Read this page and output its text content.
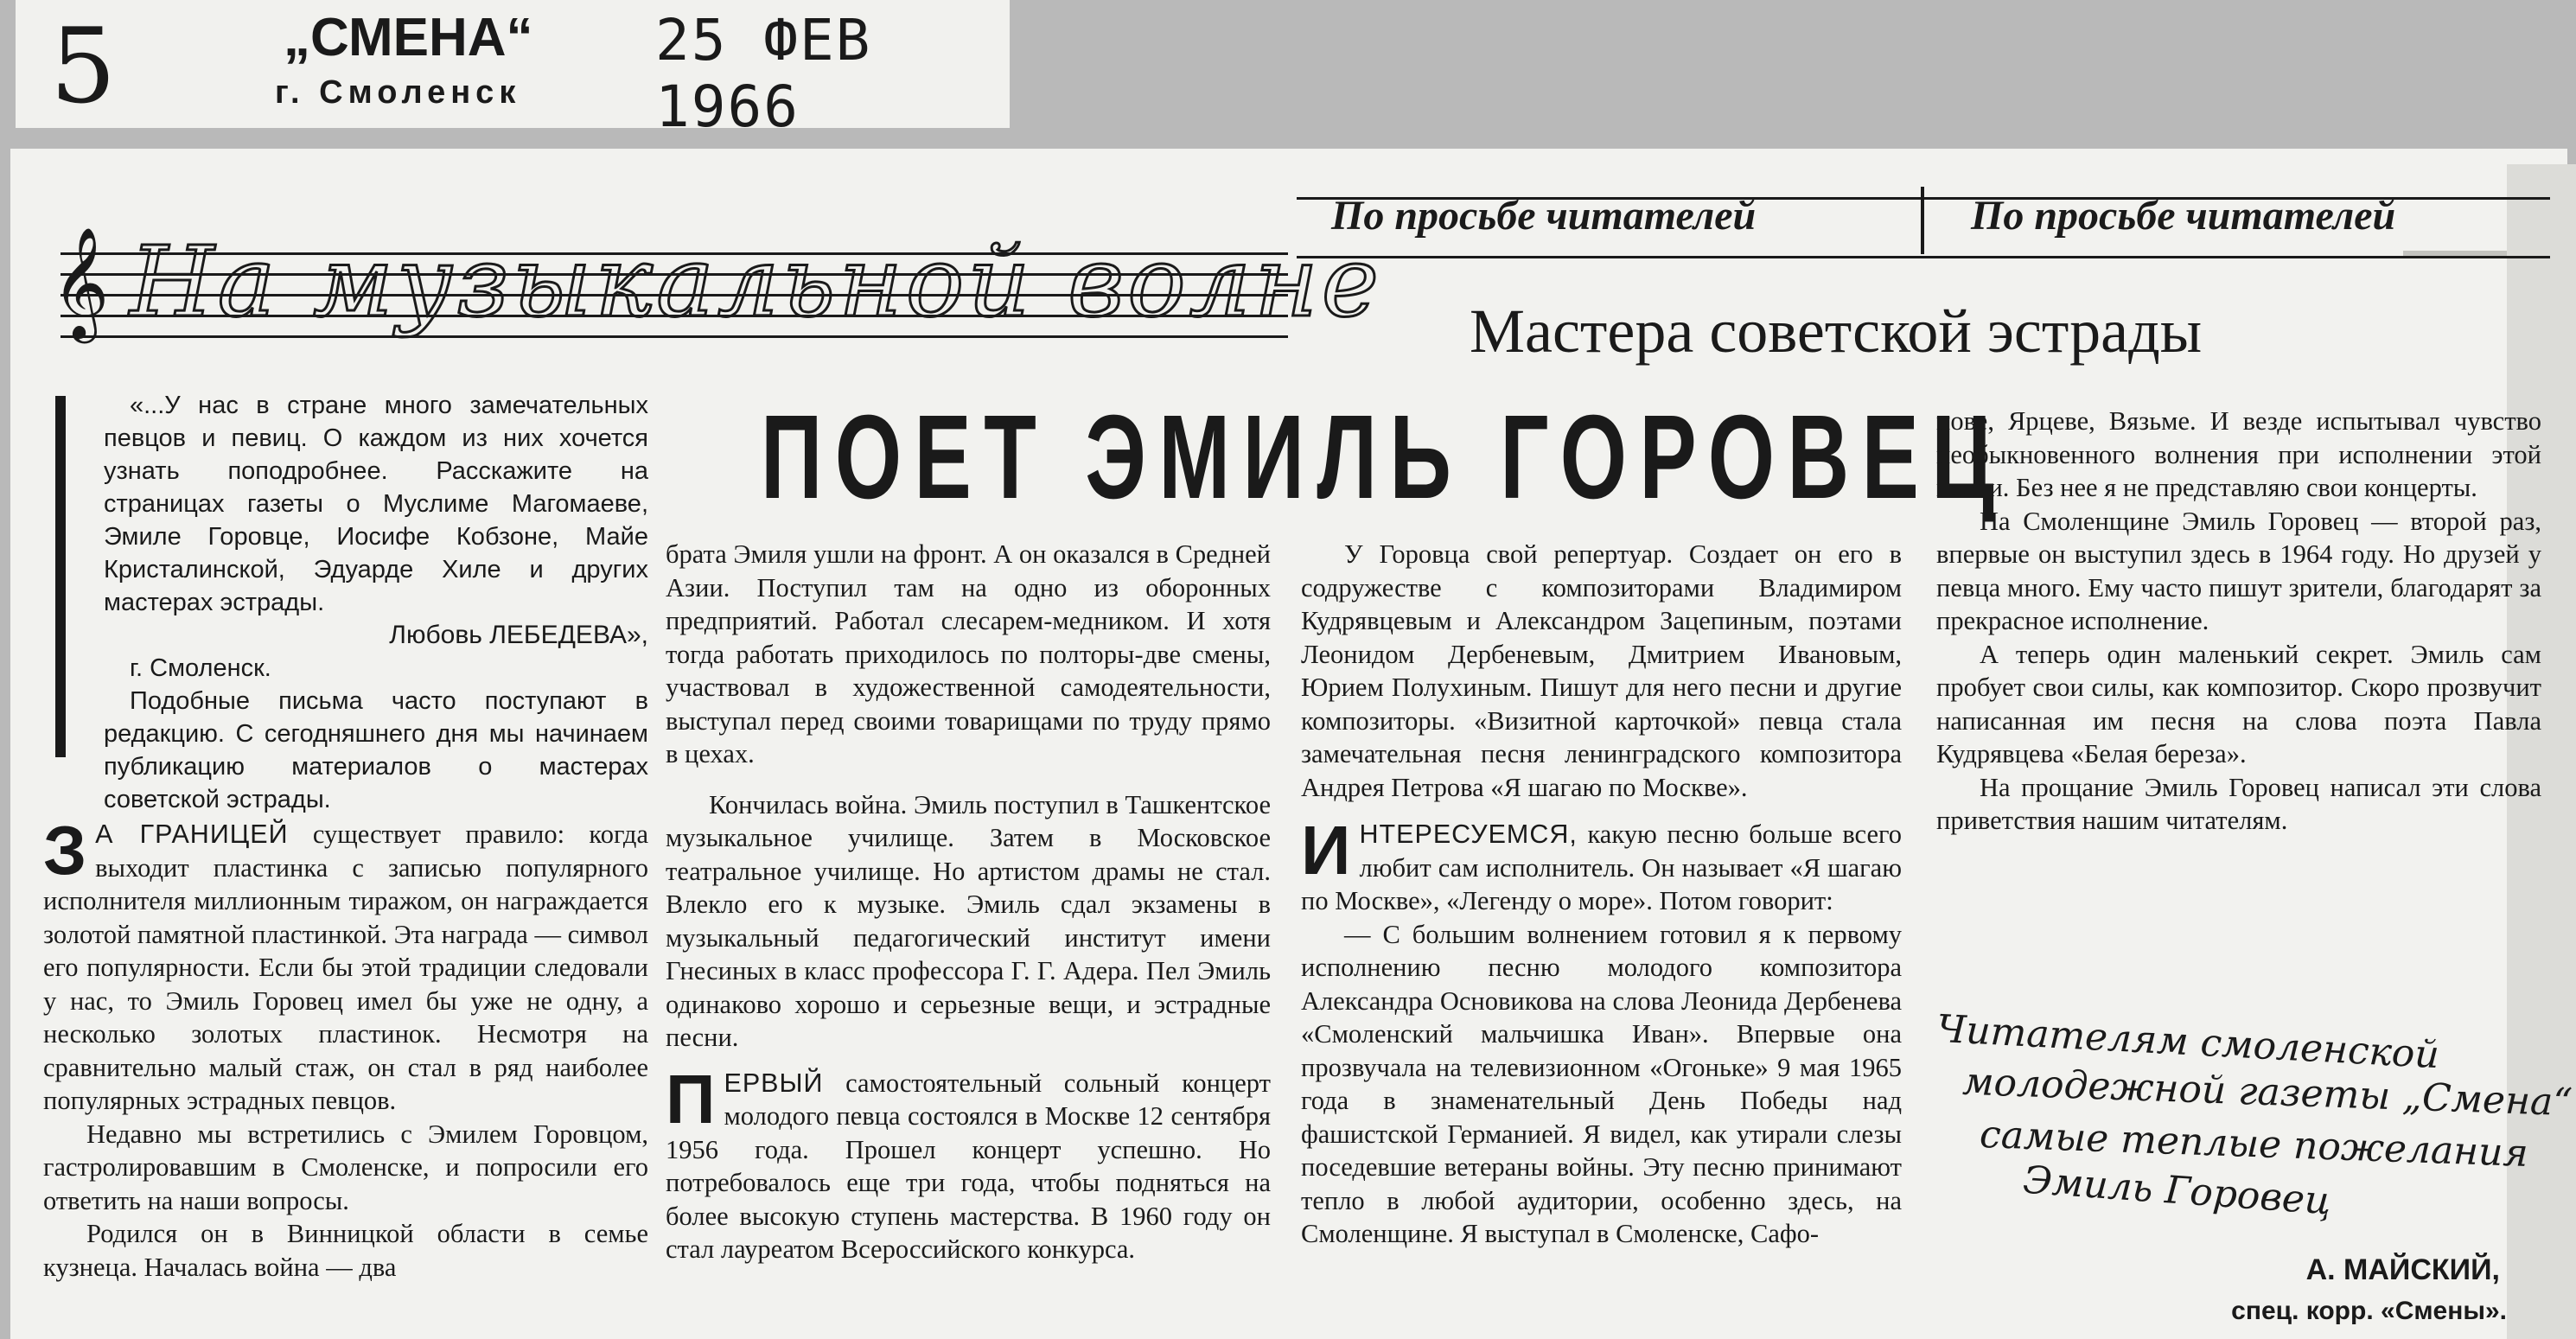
5	„СМЕНА“ 25 ФЕВ 1966
г. Смоленск
По просьбе читателей	По просьбе читателей
𝄞 На музыкальной волне Мастера советской эстрады
ПОЕТ ЭМИЛЬ ГОРОВЕЦ

«...У нас в стране много замечательных певцов и певиц. О каждом из них хочется узнать поподробнее. Расскажите на страницах газеты о Муслиме Магомаеве, Эмиле Горовце, Иосифе Кобзоне, Майе Кристалинской, Эдуарде Хиле и других мастерах эстрады.

Любовь ЛЕБЕДЕВА»,

г. Смоленск.

Подобные письма часто поступают в редакцию. С сегодняшнего дня мы начинаем публикацию материалов о мастерах советской эстрады.

З А ГРАНИЦЕЙ существует правило: когда выходит пластинка с записью популярного исполнителя миллионным тиражом, он награждается золотой памятной пластинкой. Эта награда — символ его популярности. Если бы этой традиции следовали у нас, то Эмиль Горовец имел бы уже не одну, а несколько золотых пластинок. Несмотря на сравнительно малый стаж, он стал в ряд наиболее популярных эстрадных певцов.

Недавно мы встретились с Эмилем Горовцом, гастролировавшим в Смоленске, и попросили его ответить на наши вопросы.

Родился он в Винницкой области в семье кузнеца. Началась война — два

брата Эмиля ушли на фронт. А он оказался в Средней Азии. Поступил там на одно из оборонных предприятий. Работал слесарем-медником. И хотя тогда работать приходилось по полторы-две смены, участвовал в художественной самодеятельности, выступал перед своими товарищами по труду прямо в цехах.

Кончилась война. Эмиль поступил в Ташкентское музыкальное училище. Затем в Московское театральное училище. Но артистом драмы не стал. Влекло его к музыке. Эмиль сдал экзамены в музыкальный педагогический институт имени Гнесиных в класс профессора Г. Г. Адера. Пел Эмиль одинаково хорошо и серьезные вещи, и эстрадные песни.

ПЕРВЫЙ самостоятельный сольный концерт молодого певца состоялся в Москве 12 сентября 1956 года. Прошел концерт успешно. Но потребовалось еще три года, чтобы подняться на более высокую ступень мастерства. В 1960 году он стал лауреатом Всероссийского конкурса.

У Горовца свой репертуар. Создает он его в содружестве с композиторами Владимиром Кудрявцевым и Александром Зацепиным, поэтами Леонидом Дербеневым, Дмитрием Ивановым, Юрием Полухиным. Пишут для него песни и другие композиторы. «Визитной карточкой» певца стала замечательная песня ленинградского композитора Андрея Петрова «Я шагаю по Москве».

ИНТЕРЕСУЕМСЯ, какую песню больше всего любит сам исполнитель. Он называет «Я шагаю по Москве», «Легенду о море». Потом говорит:

— С большим волнением готовил я к первому исполнению песню молодого композитора Александра Основикова на слова Леонида Дербенева «Смоленский мальчишка Иван». Впервые она прозвучала на телевизионном «Огоньке» 9 мая 1965 года в знаменательный День Победы над фашистской Германией. Я видел, как утирали слезы поседевшие ветераны войны. Эту песню принимают тепло в любой аудитории, особенно здесь, на Смоленщине. Я выступал в Смоленске, Сафо-

нове, Ярцеве, Вязьме. И везде испытывал чувство необыкновенного волнения при исполнении этой песни. Без нее я не представляю свои концерты.

На Смоленщине Эмиль Горовец — второй раз, впервые он выступил здесь в 1964 году. Но друзей у певца много. Ему часто пишут зрители, благодарят за прекрасное исполнение.

А теперь один маленький секрет. Эмиль сам пробует свои силы, как композитор. Скоро прозвучит написанная им песня на слова поэта Павла Кудрявцева «Белая береза».

На прощание Эмиль Горовец написал эти слова приветствия нашим читателям.

Читателям смоленской
молодежной газеты „Смена“
самые теплые пожелания
Эмиль Горовец
А. МАЙСКИЙ,
спец. корр. «Смены».
